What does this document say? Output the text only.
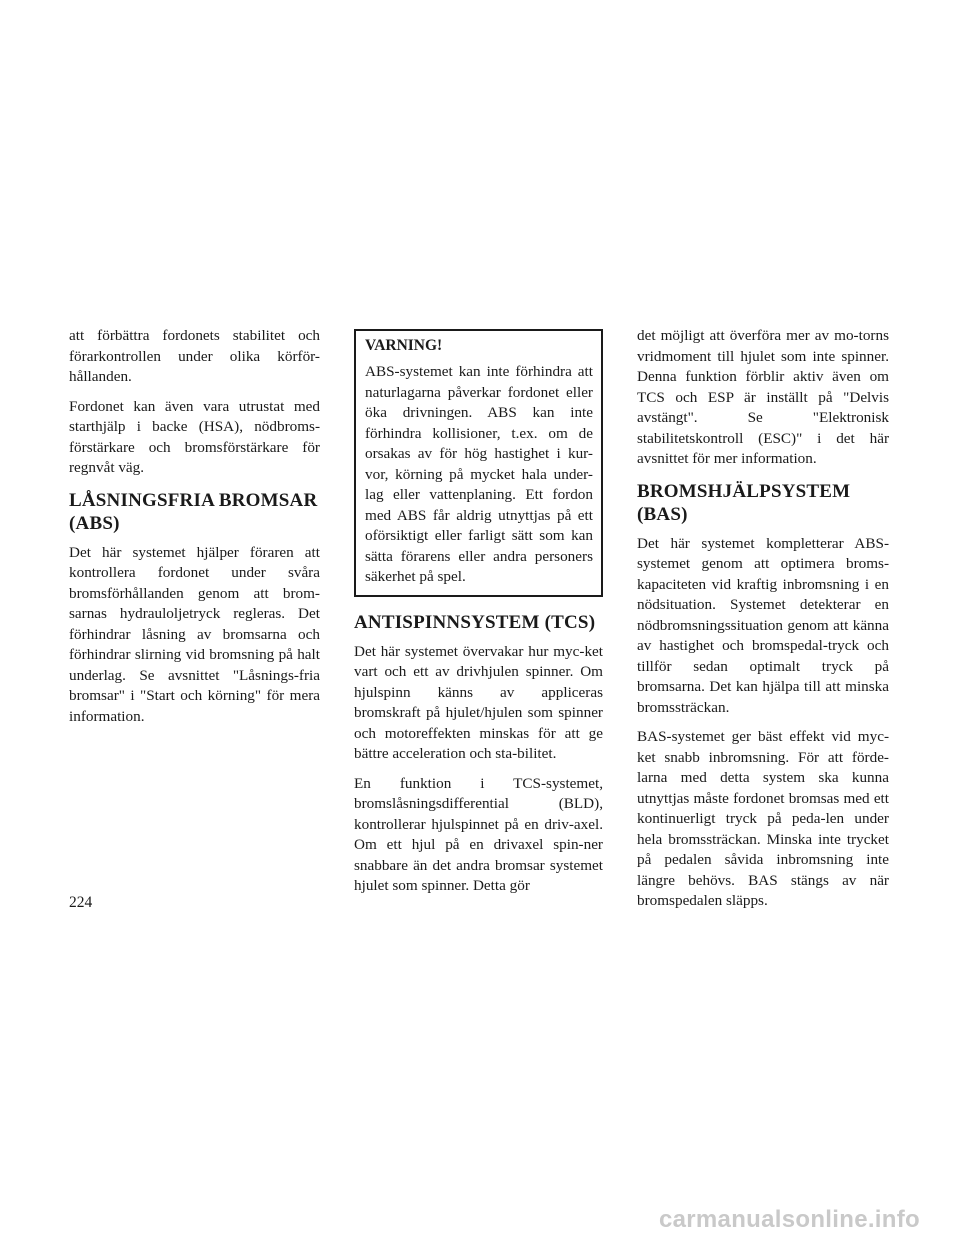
att förbättra fordonets stabilitet och förarkontrollen under olika körför-hållanden.

Fordonet kan även vara utrustat med starthjälp i backe (HSA), nödbroms-förstärkare och bromsförstärkare för regnvåt väg.

LÅSNINGSFRIA BROMSAR (ABS)

Det här systemet hjälper föraren att kontrollera fordonet under svåra bromsförhållanden genom att brom-sarnas hydrauloljetryck regleras. Det förhindrar låsning av bromsarna och förhindrar slirning vid bromsning på halt underlag. Se avsnittet "Låsnings-fria bromsar" i "Start och körning" för mera information.

VARNING!

ABS-systemet kan inte förhindra att naturlagarna påverkar fordonet eller öka drivningen. ABS kan inte förhindra kollisioner, t.ex. om de orsakas av för hög hastighet i kur-vor, körning på mycket hala under-lag eller vattenplaning. Ett fordon med ABS får aldrig utnyttjas på ett oförsiktigt eller farligt sätt som kan sätta förarens eller andra personers säkerhet på spel.

ANTISPINNSYSTEM (TCS)

Det här systemet övervakar hur myc-ket vart och ett av drivhjulen spinner. Om hjulspinn känns av appliceras bromskraft på hjulet/hjulen som spinner och motoreffekten minskas för att ge bättre acceleration och sta-bilitet.

En funktion i TCS-systemet, bromslåsningsdifferential (BLD), kontrollerar hjulspinnet på en driv-axel. Om ett hjul på en drivaxel spin-ner snabbare än det andra bromsar systemet hjulet som spinner. Detta gör

det möjligt att överföra mer av mo-torns vridmoment till hjulet som inte spinner. Denna funktion förblir aktiv även om TCS och ESP är inställt på "Delvis avstängt". Se "Elektronisk stabilitetskontroll (ESC)" i det här avsnittet för mer information.

BROMSHJÄLPSYSTEM (BAS)

Det här systemet kompletterar ABS-systemet genom att optimera broms-kapaciteten vid kraftig inbromsning i en nödsituation. Systemet detekterar en nödbromsningssituation genom att känna av hastighet och bromspedal-tryck och tillför sedan optimalt tryck på bromsarna. Det kan hjälpa till att minska bromssträckan.

BAS-systemet ger bäst effekt vid myc-ket snabb inbromsning. För att förde-larna med detta system ska kunna utnyttjas måste fordonet bromsas med ett kontinuerligt tryck på peda-len under hela bromssträckan. Minska inte trycket på pedalen såvida inbromsning inte längre behövs. BAS stängs av när bromspedalen släpps.

224
carmanualsonline.info
